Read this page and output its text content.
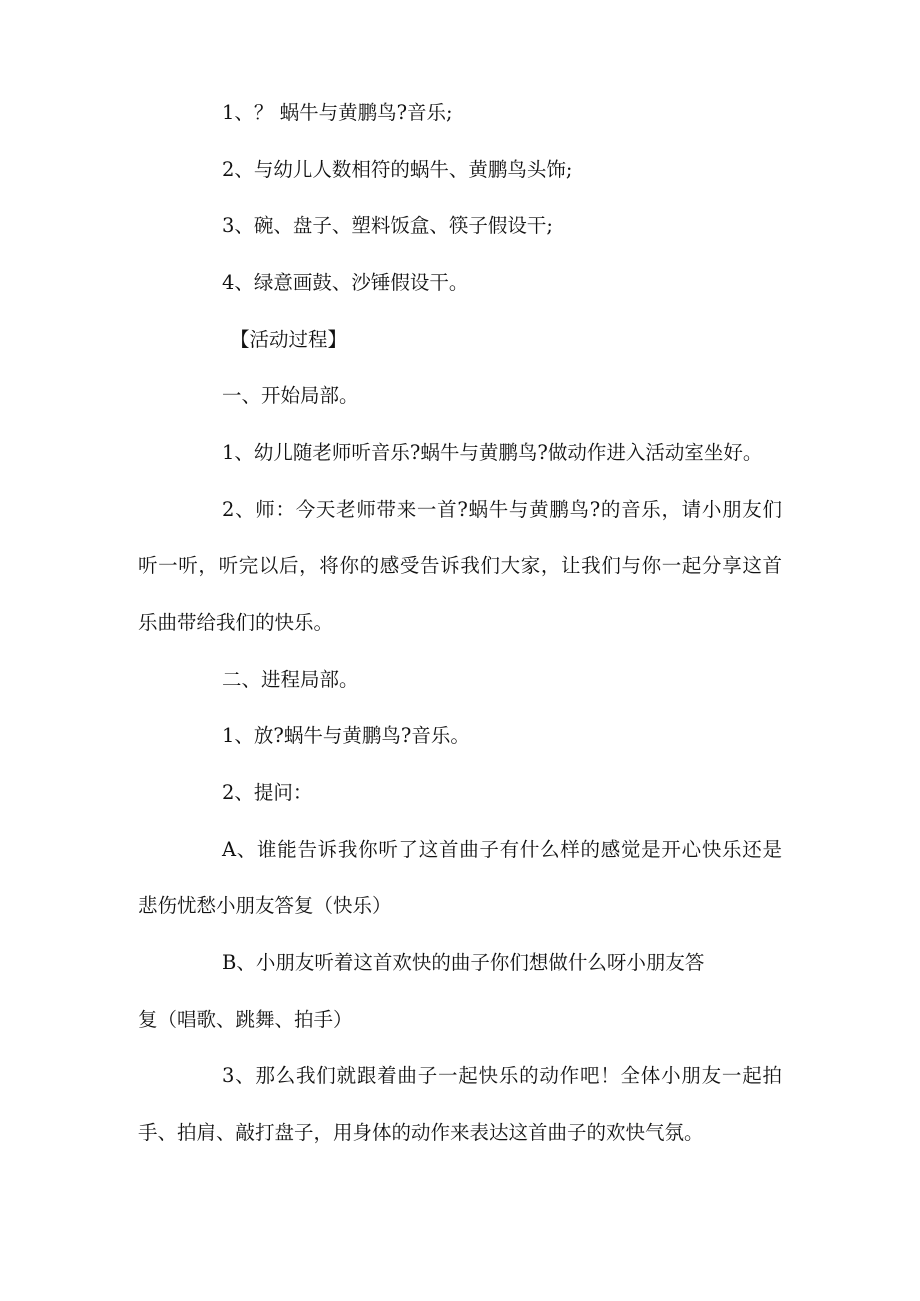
1、？ 蜗牛与黄鹏鸟?音乐;

2、与幼儿人数相符的蜗牛、黄鹏鸟头饰;

3、碗、盘子、塑料饭盒、筷子假设干;

4、绿意画鼓、沙锤假设干。

【活动过程】

一、开始局部。

1、幼儿随老师听音乐?蜗牛与黄鹏鸟?做动作进入活动室坐好。

2、师：今天老师带来一首?蜗牛与黄鹏鸟?的音乐，请小朋友们

听一听，听完以后，将你的感受告诉我们大家，让我们与你一起分享这首

乐曲带给我们的快乐。

二、进程局部。

1、放?蜗牛与黄鹏鸟?音乐。

2、提问：

A、谁能告诉我你听了这首曲子有什么样的感觉是开心快乐还是

悲伤忧愁小朋友答复（快乐）

B、小朋友听着这首欢快的曲子你们想做什么呀小朋友答

复（唱歌、跳舞、拍手）

3、那么我们就跟着曲子一起快乐的动作吧！全体小朋友一起拍

手、拍肩、敲打盘子，用身体的动作来表达这首曲子的欢快气氛。
